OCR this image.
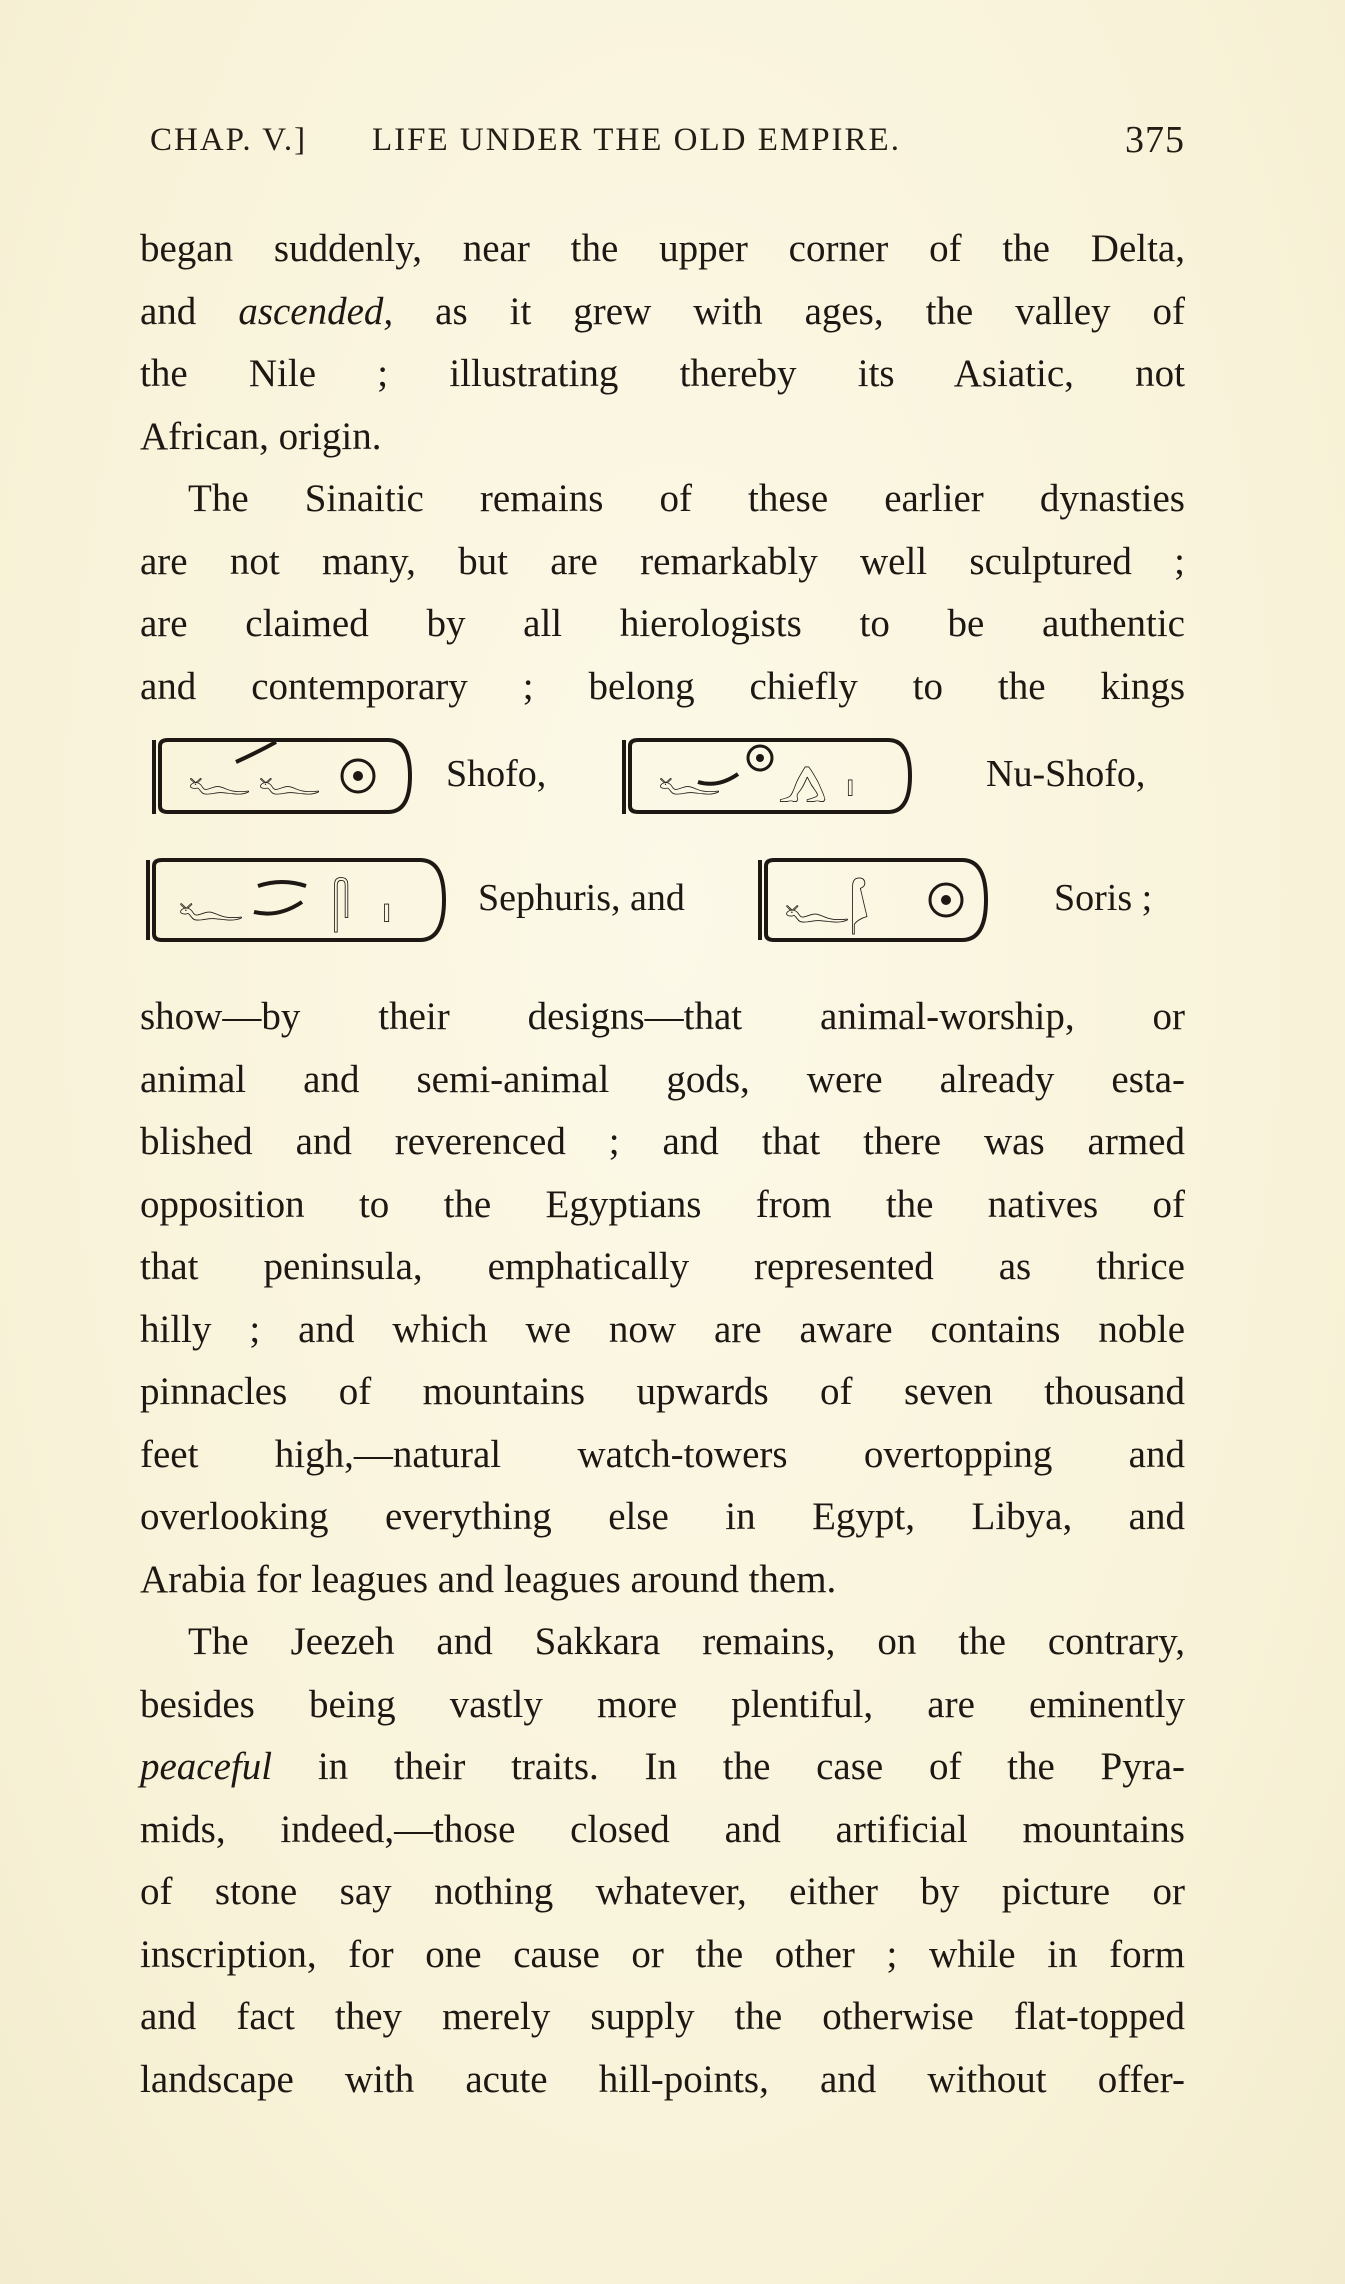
CHAP. V.] LIFE UNDER THE OLD EMPIRE.	375
began suddenly, near the upper corner of the Delta,
and ascended, as it grew with ages, the valley of
the Nile ; illustrating thereby its Asiatic, not
African, origin.
The Sinaitic remains of these earlier dynasties
are not many, but are remarkably well sculptured ;
are claimed by all hierologists to be authentic
and contemporary ; belong chiefly to the kings
𓆑 𓆑	Shofo,	𓆑 𓂻 𓏤	Nu-Shofo,
𓆑 𓋴 𓏤 Sephuris, and 𓆑 𓆄	Soris ;
show—by their designs—that animal-worship, or
animal and semi-animal gods, were already esta-
blished and reverenced ; and that there was armed
opposition to the Egyptians from the natives of
that peninsula, emphatically represented as thrice
hilly ; and which we now are aware contains noble
pinnacles of mountains upwards of seven thousand
feet high,—natural watch-towers overtopping and
overlooking everything else in Egypt, Libya, and
Arabia for leagues and leagues around them.
The Jeezeh and Sakkara remains, on the contrary,
besides being vastly more plentiful, are eminently
peaceful in their traits. In the case of the Pyra-
mids, indeed,—those closed and artificial mountains
of stone say nothing whatever, either by picture or
inscription, for one cause or the other ; while in form
and fact they merely supply the otherwise flat-topped
landscape with acute hill-points, and without offer-
